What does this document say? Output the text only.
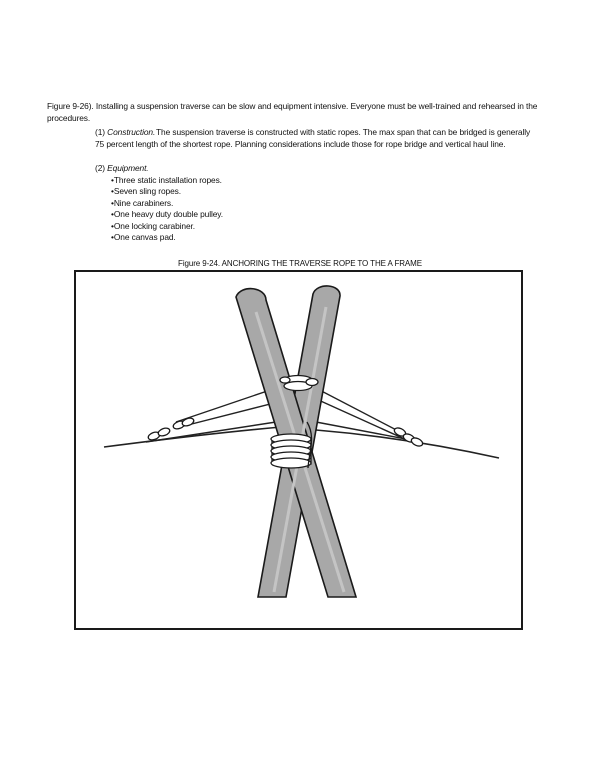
Figure 9-26). Installing a suspension traverse can be slow and equipment intensive. Everyone must be well-trained and rehearsed in the procedures.
(1) Construction. The suspension traverse is constructed with static ropes. The max span that can be bridged is generally 75 percent length of the shortest rope. Planning considerations include those for rope bridge and vertical haul line.
(2) Equipment.
• Three static installation ropes.
• Seven sling ropes.
• Nine carabiners.
• One heavy duty double pulley.
• One locking carabiner.
• One canvas pad.
Figure 9-24. ANCHORING THE TRAVERSE ROPE TO THE A FRAME
